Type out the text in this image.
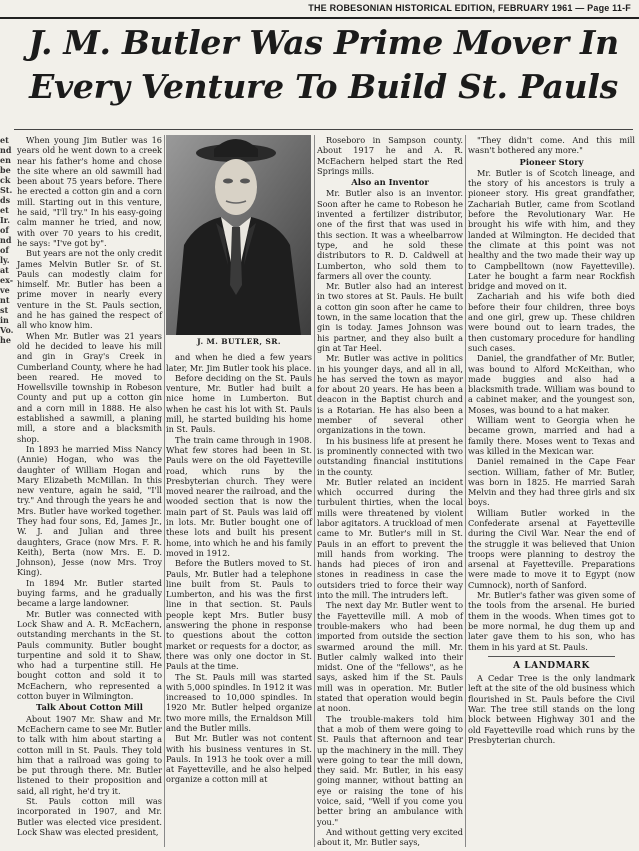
THE ROBESONIAN HISTORICAL EDITION, FEBRUARY 1961 — Page 11-F
J. M. Butler Was Prime Mover In
Every Venture To Build St. Pauls
et nd en be ck St. ds et Ir. of nd of ly. at ex- ve nt st in Vo. he

When young Jim Butler was 16 years old he went down to a creek near his father's home and chose the site where an old sawmill had been about 75 years before. There he erected a cotton gin and a corn mill. Starting out in this venture, he said, "I'll try." In his easy-going calm manner he tried, and now, with over 70 years to his credit, he says: "I've got by".

But years are not the only credit James Melvin Butler Sr. of St. Pauls can modestly claim for himself. Mr. Butler has been a prime mover in nearly every venture in the St. Pauls section, and he has gained the respect of all who know him.

When Mr. Butler was 21 years old he decided to leave his mill and gin in Gray's Creek in Cumberland County, where he had been reared. He moved to Howellsville township in Robeson County and put up a cotton gin and a corn mill in 1888. He also established a sawmill, a planing mill, a store and a blacksmith shop.

In 1893 he married Miss Nancy (Annie) Hogan, who was the daughter of William Hogan and Mary Elizabeth McMillan. In this new venture, again he said, "I'll try." And through the years he and Mrs. Butler have worked together. They had four sons, Ed, James Jr., W. J. and Julian and three daughters, Grace (now Mrs. F. R. Keith), Berta (now Mrs. E. D. Johnson), Jesse (now Mrs. Troy King).

In 1894 Mr. Butler started buying farms, and he gradually became a large landowner.

Mr. Butler was connected with Lock Shaw and A. R. McEachern, outstanding merchants in the St. Pauls community. Butler bought turpentine and sold it to Shaw, who had a turpentine still. He bought cotton and sold it to McEachern, who represented a cotton buyer in Wilmington.

Talk About Cotton Mill

About 1907 Mr. Shaw and Mr. McEachern came to see Mr. Butler to talk with him about starting a cotton mill in St. Pauls. They told him that a railroad was going to be put through there. Mr. Butler listened to their proposition and said, all right, he'd try it.

St. Pauls cotton mill was incorporated in 1907, and Mr. Butler was elected vice president. Lock Shaw was elected president,

J. M. BUTLER, SR.

and when he died a few years later, Mr. Jim Butler took his place.

Before deciding on the St. Pauls venture, Mr. Butler had built a nice home in Lumberton. But when he cast his lot with St. Pauls mill, he started building his home in St. Pauls.

The train came through in 1908. What few stores had been in St. Pauls were on the old Fayetteville road, which runs by the Presbyterian church. They were moved nearer the railroad, and the wooded section that is now the main part of St. Pauls was laid off in lots. Mr. Butler bought one of these lots and built his present home, into which he and his family moved in 1912.

Before the Butlers moved to St. Pauls, Mr. Butler had a telephone line built from St. Pauls to Lumberton, and his was the first line in that section. St. Pauls people kept Mrs. Butler busy answering the phone in response to questions about the cotton market or requests for a doctor, as there was only one doctor in St. Pauls at the time.

The St. Pauls mill was started with 5,000 spindles. In 1912 it was increased to 10,000 spindles. In 1920 Mr. Butler helped organize two more mills, the Ernaldson Mill and the Butler mills.

But Mr. Butler was not content with his business ventures in St. Pauls. In 1913 he took over a mill at Fayetteville, and he also helped organize a cotton mill at

Roseboro in Sampson county. About 1917 he and A. R. McEachern helped start the Red Springs mills.

Also an Inventor

Mr. Butler also is an inventor. Soon after he came to Robeson he invented a fertilizer distributor, one of the first that was used in this section. It was a wheelbarrow type, and he sold these distributors to R. D. Caldwell at Lumberton, who sold them to farmers all over the county.

Mr. Butler also had an interest in two stores at St. Pauls. He built a cotton gin soon after he came to town, in the same location that the gin is today. James Johnson was his partner, and they also built a gin at Tar Heel.

Mr. Butler was active in politics in his younger days, and all in all, he has served the town as mayor for about 20 years. He has been a deacon in the Baptist church and is a Rotarian. He has also been a member of several other organizations in the town.

In his business life at present he is prominently connected with two outstanding financial institutions in the county.

Mr. Butler related an incident which occurred during the turbulent thirties, when the local mills were threatened by violent labor agitators. A truckload of men came to Mr. Butler's mill in St. Pauls in an effort to prevent the mill hands from working. The hands had pieces of iron and stones in readiness in case the outsiders tried to force their way into the mill. The intruders left.

The next day Mr. Butler went to the Fayetteville mill. A mob of trouble-makers who had been imported from outside the section swarmed around the mill. Mr. Butler calmly walked into their midst. One of the "fellows", as he says, asked him if the St. Pauls mill was in operation. Mr. Butler stated that operation would begin at noon.

The trouble-makers told him that a mob of them were going to St. Pauls that afternoon and tear up the machinery in the mill. They were going to tear the mill down, they said. Mr. Butler, in his easy going manner, without batting an eye or raising the tone of his voice, said, "Well if you come you better bring an ambulance with you."

And without getting very excited about it, Mr. Butler says,

"They didn't come. And this mill wasn't bothered any more."

Pioneer Story

Mr. Butler is of Scotch lineage, and the story of his ancestors is truly a pioneer story. His great grandfather, Zachariah Butler, came from Scotland before the Revolutionary War. He brought his wife with him, and they landed at Wilmington. He decided that the climate at this point was not healthy and the two made their way up to Campbelltown (now Fayetteville). Later he bought a farm near Rockfish bridge and moved on it.

Zachariah and his wife both died before their four children, three boys and one girl, grew up. These children were bound out to learn trades, the then customary procedure for handling such cases.

Daniel, the grandfather of Mr. Butler, was bound to Alford McKeithan, who made buggies and also had a blacksmith trade. William was bound to a cabinet maker, and the youngest son, Moses, was bound to a hat maker.

William went to Georgia when he became grown, married and had a family there. Moses went to Texas and was killed in the Mexican war.

Daniel remained in the Cape Fear section. William, father of Mr. Butler, was born in 1825. He married Sarah Melvin and they had three girls and six boys.

William Butler worked in the Confederate arsenal at Fayetteville during the Civil War. Near the end of the struggle it was believed that Union troops were planning to destroy the arsenal at Fayetteville. Preparations were made to move it to Egypt (now Cumnock), north of Sanford.

Mr. Butler's father was given some of the tools from the arsenal. He buried them in the woods. When times got to be more normal, he dug them up and later gave them to his son, who has them in his yard at St. Pauls.

A LANDMARK

A Cedar Tree is the only landmark left at the site of the old business which flourished in St. Pauls before the Civil War. The tree still stands on the long block between Highway 301 and the old Fayetteville road which runs by the Presbyterian church.
